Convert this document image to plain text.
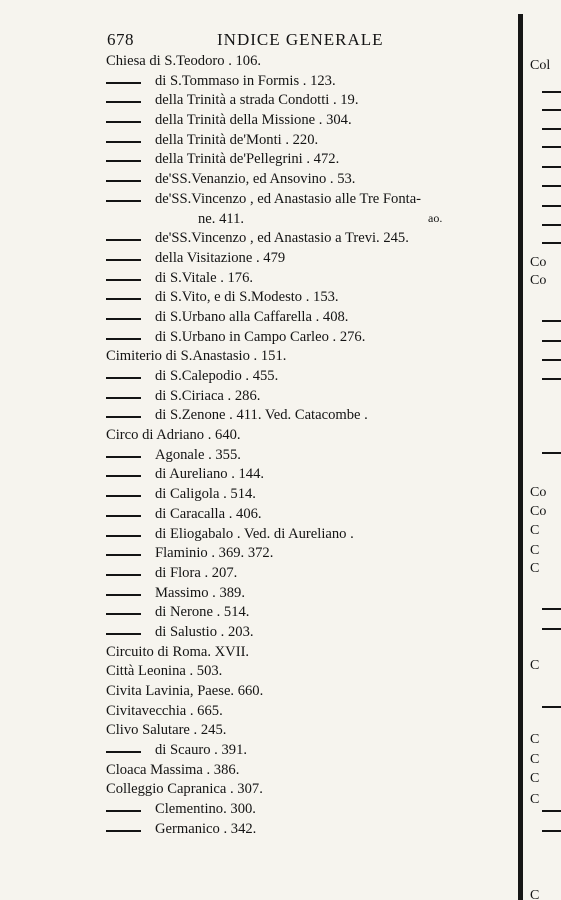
678	INDICE GENERALE
Chiesa di S.Teodoro . 106.
di S.Tommaso in Formis . 123.
della Trinità a strada Condotti . 19.
della Trinità della Missione . 304.
della Trinità de'Monti . 220.
della Trinità de'Pellegrini . 472.
de'SS.Venanzio, ed Ansovino . 53.
de'SS.Vincenzo , ed Anastasio alle Tre Fonta-
ne. 411.
de'SS.Vincenzo , ed Anastasio a Trevi. 245.
della Visitazione . 479
di S.Vitale . 176.
di S.Vito, e di S.Modesto . 153.
di S.Urbano alla Caffarella . 408.
di S.Urbano in Campo Carleo . 276.
Cimiterio di S.Anastasio . 151.
di S.Calepodio . 455.
di S.Ciriaca . 286.
di S.Zenone . 411. Ved. Catacombe .
Circo di Adriano . 640.
Agonale . 355.
di Aureliano . 144.
di Caligola . 514.
di Caracalla . 406.
di Eliogabalo . Ved. di Aureliano .
Flaminio . 369. 372.
di Flora . 207.
Massimo . 389.
di Nerone . 514.
di Salustio . 203.
Circuito di Roma. XVII.
Città Leonina . 503.
Civita Lavinia, Paese. 660.
Civitavecchia . 665.
Clivo Salutare . 245.
di Scauro . 391.
Cloaca Massima . 386.
Colleggio Capranica . 307.
Clementino. 300.
Germanico . 342.
ao.
Col
Co
Co
Co
Co
C
C
C
C
C
C
C
C
C
